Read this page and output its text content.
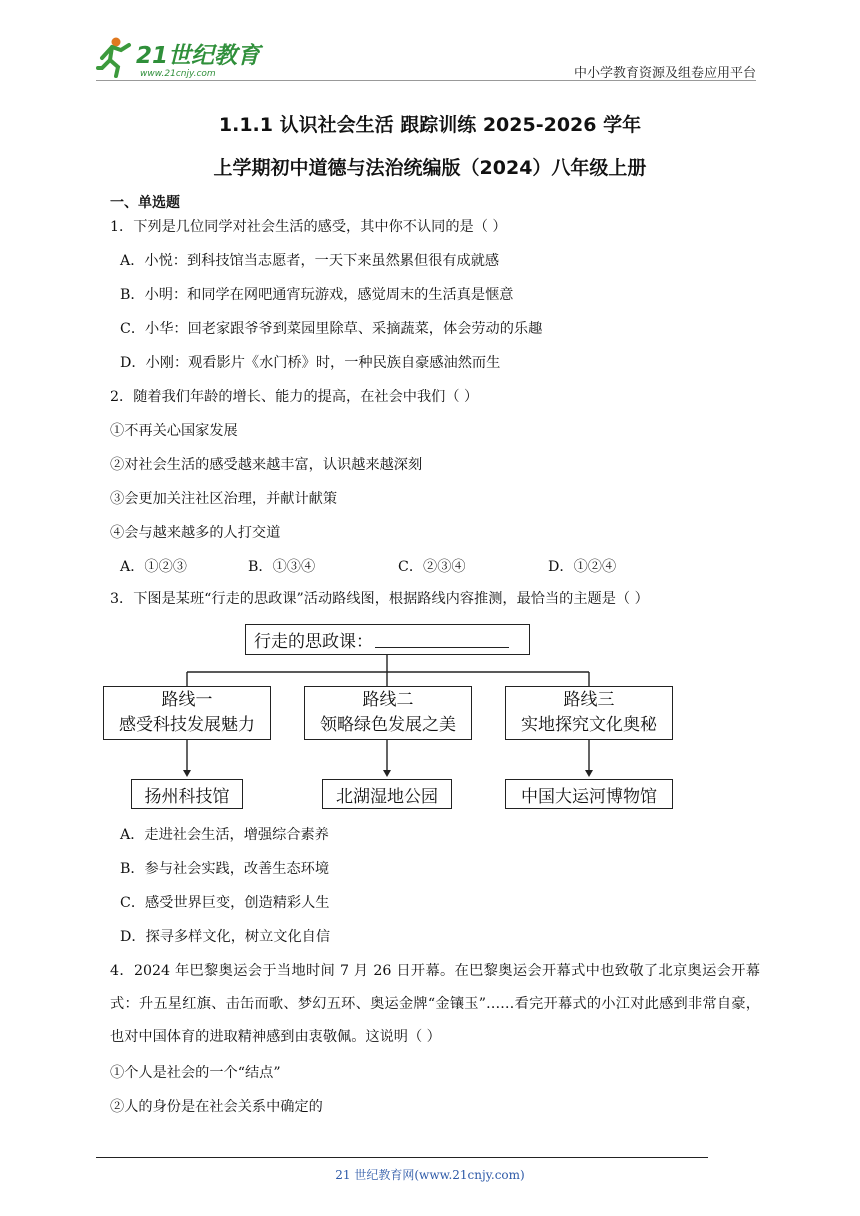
21世纪教育
www.21cnjy.com	中小学教育资源及组卷应用平台
1.1.1 认识社会生活 跟踪训练 2025-2026 学年
上学期初中道德与法治统编版（2024）八年级上册
一、单选题
1．下列是几位同学对社会生活的感受，其中你不认同的是（ ）
A．小悦：到科技馆当志愿者，一天下来虽然累但很有成就感
B．小明：和同学在网吧通宵玩游戏，感觉周末的生活真是惬意
C．小华：回老家跟爷爷到菜园里除草、采摘蔬菜，体会劳动的乐趣
D．小刚：观看影片《水门桥》时，一种民族自豪感油然而生
2．随着我们年龄的增长、能力的提高，在社会中我们（ ）
①不再关心国家发展
②对社会生活的感受越来越丰富，认识越来越深刻
③会更加关注社区治理，并献计献策
④会与越来越多的人打交道
A．①②③	B．①③④	C．②③④	D．①②④
3．下图是某班“行走的思政课”活动路线图，根据路线内容推测，最恰当的主题是（ ）
行走的思政课：
路线一
感受科技发展魅力
路线二
领略绿色发展之美
路线三
实地探究文化奥秘
扬州科技馆	北湖湿地公园	中国大运河博物馆
A．走进社会生活，增强综合素养
B．参与社会实践，改善生态环境
C．感受世界巨变，创造精彩人生
D．探寻多样文化，树立文化自信
4．2024 年巴黎奥运会于当地时间 7 月 26 日开幕。在巴黎奥运会开幕式中也致敬了北京奥运会开幕式：升五星红旗、击缶而歌、梦幻五环、奥运金牌“金镶玉”……看完开幕式的小江对此感到非常自豪，也对中国体育的进取精神感到由衷敬佩。这说明（ ）
①个人是社会的一个“结点”
②人的身份是在社会关系中确定的
21 世纪教育网(www.21cnjy.com)
